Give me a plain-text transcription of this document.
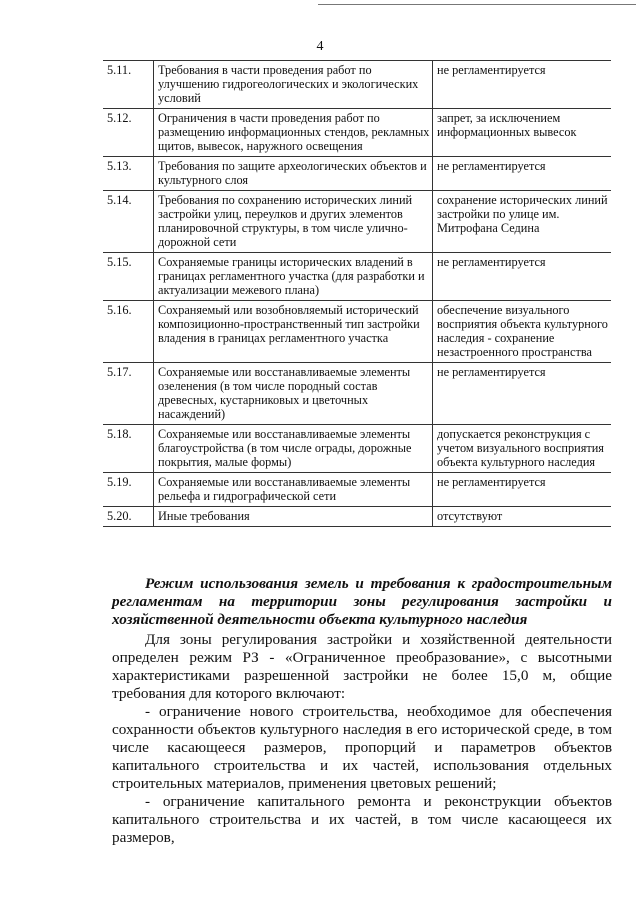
4
5.11.	Требования в части проведения работ по улучшению гидрогеологических и экологических условий	не регламентируется
5.12.	Ограничения в части проведения работ по размещению информационных стендов, рекламных щитов, вывесок, наружного освещения	запрет, за исключением информационных вывесок
5.13.	Требования по защите археологических объектов и культурного слоя	не регламентируется
5.14.	Требования по сохранению исторических линий застройки улиц, переулков и других элементов планировочной структуры, в том числе улично-дорожной сети	сохранение исторических линий застройки по улице им. Митрофана Седина
5.15.	Сохраняемые границы исторических владений в границах регламентного участка (для разработки и актуализации межевого плана)	не регламентируется
5.16.	Сохраняемый или возобновляемый исторический композиционно-пространственный тип застройки владения в границах регламентного участка	обеспечение визуального восприятия объекта культурного наследия - сохранение незастроенного пространства
5.17.	Сохраняемые или восстанавливаемые элементы озеленения (в том числе породный состав древесных, кустарниковых и цветочных насаждений)	не регламентируется
5.18.	Сохраняемые или восстанавливаемые элементы благоустройства (в том числе ограды, дорожные покрытия, малые формы)	допускается реконструкция с учетом визуального восприятия объекта культурного наследия
5.19.	Сохраняемые или восстанавливаемые элементы рельефа и гидрографической сети	не регламентируется
5.20.	Иные требования	отсутствуют

Режим использования земель и требования к градостроительным регламентам на территории зоны регулирования застройки и хозяйственной деятельности объекта культурного наследия

Для зоны регулирования застройки и хозяйственной деятельности определен режим РЗ - «Ограниченное преобразование», с высотными характеристиками разрешенной застройки не более 15,0 м, общие требования для которого включают:

- ограничение нового строительства, необходимое для обеспечения сохранности объектов культурного наследия в его исторической среде, в том числе касающееся размеров, пропорций и параметров объектов капитального строительства и их частей, использования отдельных строительных материалов, применения цветовых решений;

- ограничение капитального ремонта и реконструкции объектов капитального строительства и их частей, в том числе касающееся их размеров,
